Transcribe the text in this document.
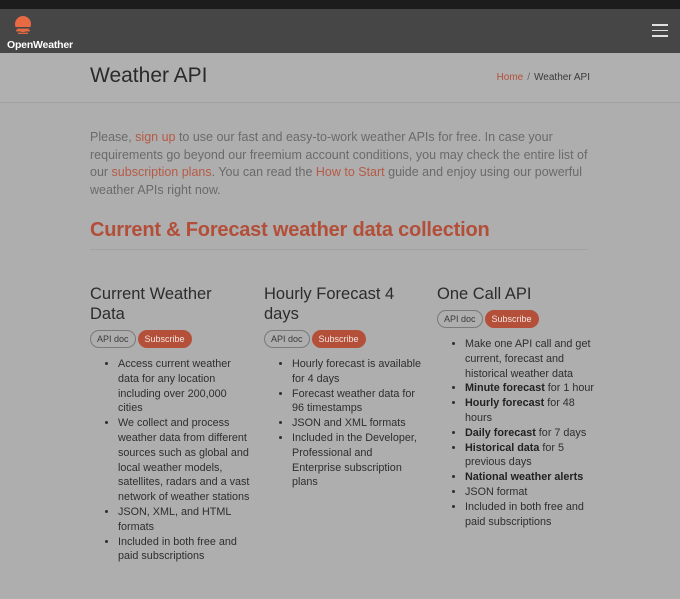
OpenWeather
Weather API	Home / Weather API

Please, sign up to use our fast and easy-to-work weather APIs for free. In case your requirements go beyond our freemium account conditions, you may check the entire list of our subscription plans. You can read the How to Start guide and enjoy using our powerful weather APIs right now.

Current & Forecast weather data collection
Current Weather Data
API doc Subscribe
• Access current weather data for any location including over 200,000 cities
• We collect and process weather data from different sources such as global and local weather models, satellites, radars and a vast network of weather stations
• JSON, XML, and HTML formats
• Included in both free and paid subscriptions
Hourly Forecast 4 days
API doc Subscribe
• Hourly forecast is available for 4 days
• Forecast weather data for 96 timestamps
• JSON and XML formats
• Included in the Developer, Professional and Enterprise subscription plans
One Call API
API doc Subscribe
• Make one API call and get current, forecast and historical weather data
• Minute forecast for 1 hour
• Hourly forecast for 48 hours
• Daily forecast for 7 days
• Historical data for 5 previous days
• National weather alerts
• JSON format
• Included in both free and paid subscriptions
